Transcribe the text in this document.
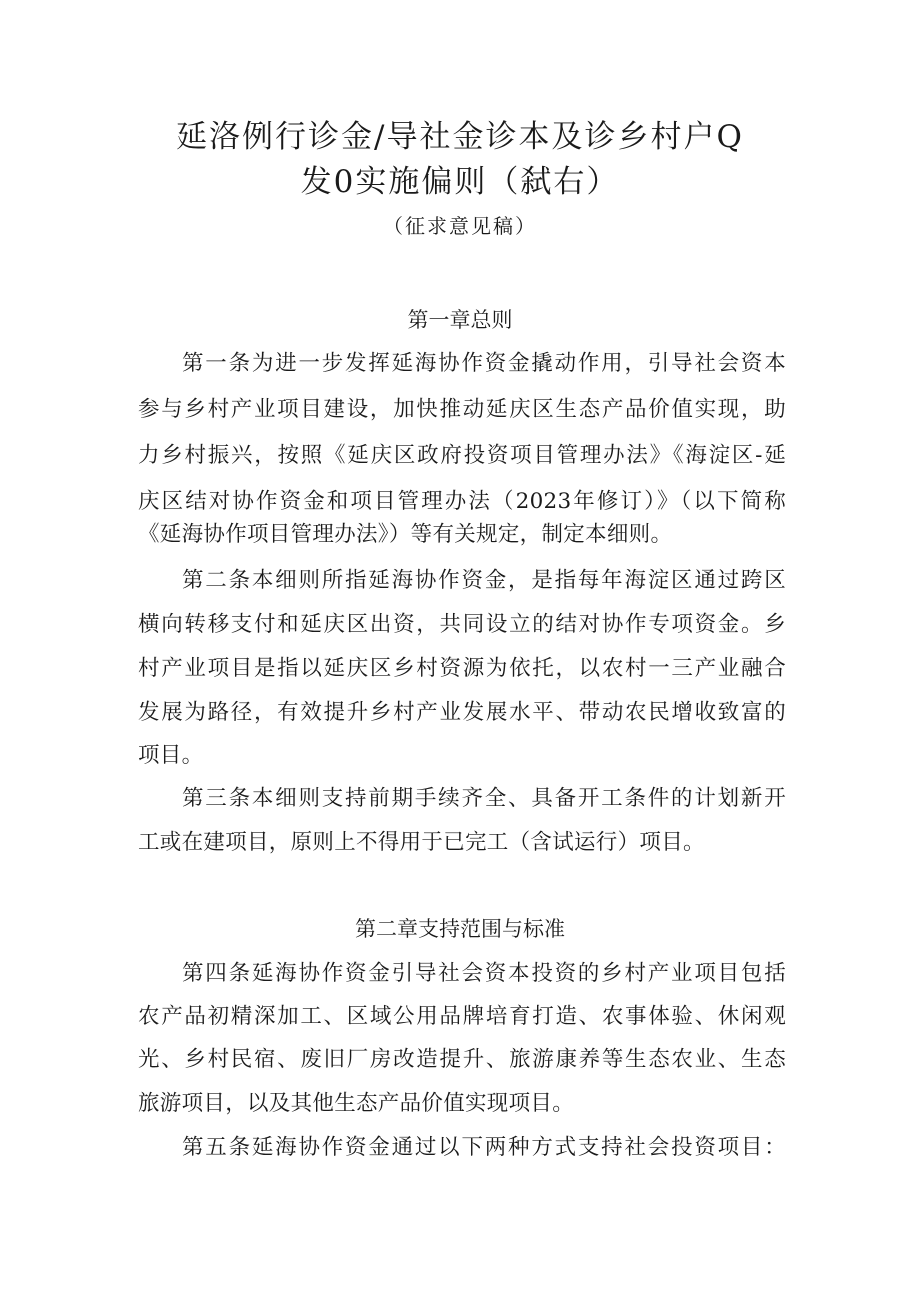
延洛例行诊金/导社金诊本及诊乡村户Q
发0实施偏则（弑右）
（征求意见稿）
第一章总则
第一条为进一步发挥延海协作资金撬动作用，引导社会资本
参与乡村产业项目建设，加快推动延庆区生态产品价值实现，助
力乡村振兴，按照《延庆区政府投资项目管理办法》《海淀区-延
庆区结对协作资金和项目管理办法（2023年修订）》（以下简称
《延海协作项目管理办法》）等有关规定，制定本细则。
第二条本细则所指延海协作资金，是指每年海淀区通过跨区
横向转移支付和延庆区出资，共同设立的结对协作专项资金。乡
村产业项目是指以延庆区乡村资源为依托，以农村一三产业融合
发展为路径，有效提升乡村产业发展水平、带动农民增收致富的
项目。
第三条本细则支持前期手续齐全、具备开工条件的计划新开
工或在建项目，原则上不得用于已完工（含试运行）项目。
第二章支持范围与标准
第四条延海协作资金引导社会资本投资的乡村产业项目包括
农产品初精深加工、区域公用品牌培育打造、农事体验、休闲观
光、乡村民宿、废旧厂房改造提升、旅游康养等生态农业、生态
旅游项目，以及其他生态产品价值实现项目。
第五条延海协作资金通过以下两种方式支持社会投资项目：
